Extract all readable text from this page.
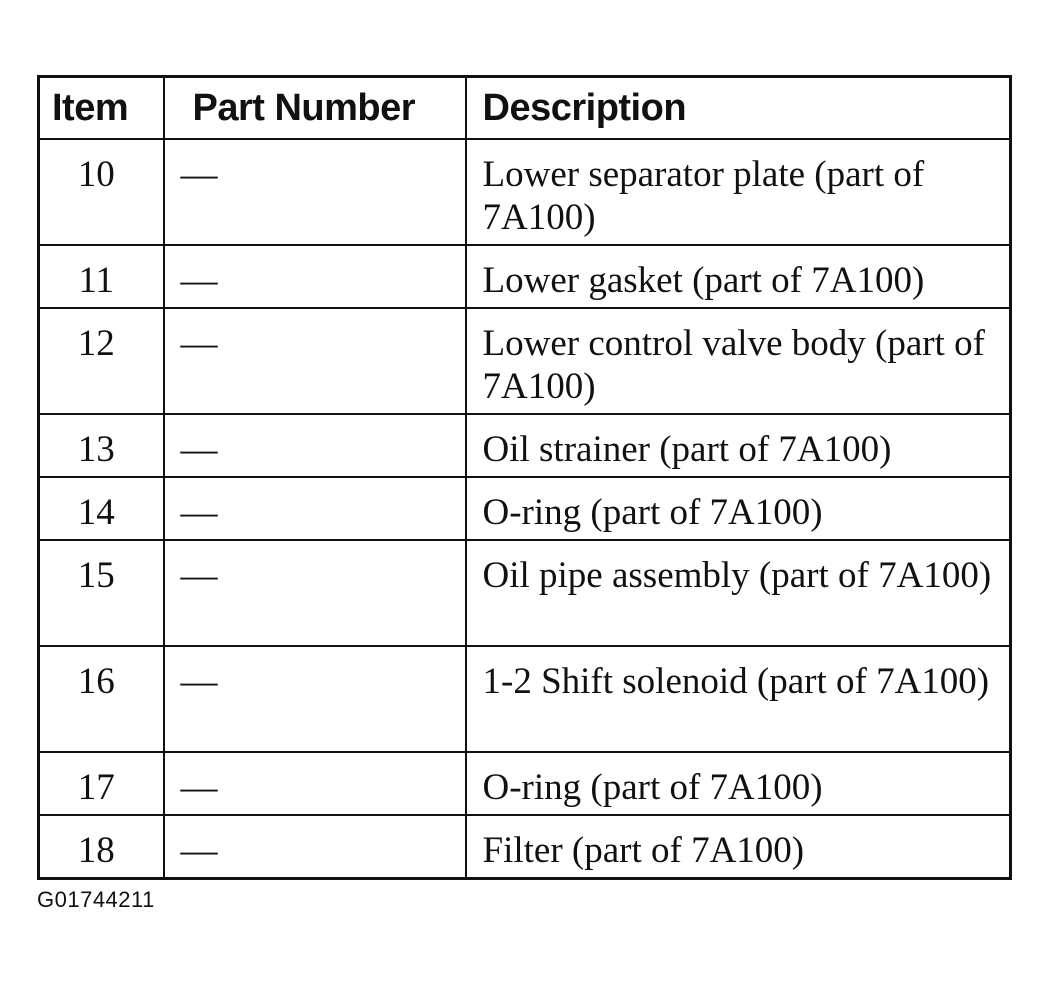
Item	Part Number	Description
10	—	Lower separator plate (part of 7A100)
11	—	Lower gasket (part of 7A100)
12	—	Lower control valve body (part of 7A100)
13	—	Oil strainer (part of 7A100)
14	—	O-ring (part of 7A100)
15	—	Oil pipe assembly (part of 7A100)
16	—	1-2 Shift solenoid (part of 7A100)
17	—	O-ring (part of 7A100)
18	—	Filter (part of 7A100)
G01744211
